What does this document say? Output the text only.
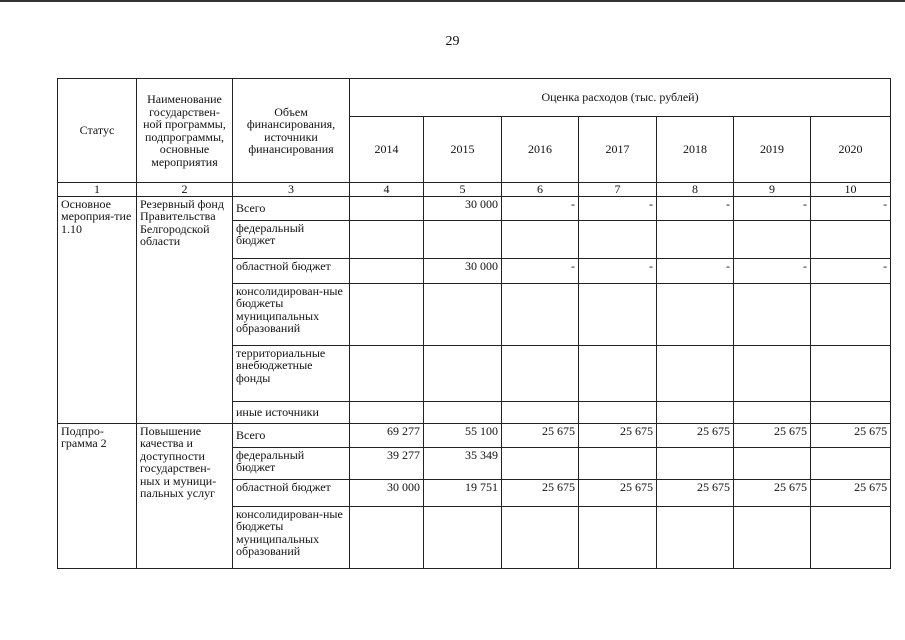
29
Статус	Наименование государствен-ной программы, подпрограммы, основные мероприятия	Объем финансирования, источники финансирования	Оценка расходов (тыс. рублей)						
			2014	2015	2016	2017	2018	2019	2020
1	2	3	4	5	6	7	8	9	10
Основное мероприя-тие 1.10	Резервный фонд Правительства Белгородской области	Всего		30 000	-	-	-	-	-
		федеральный бюджет							
		областной бюджет		30 000	-	-	-	-	-
		консолидирован-ные бюджеты муниципальных образований							
		территориальные внебюджетные фонды							
		иные источники							
Подпро-грамма 2	Повышение качества и доступности государствен-ных и муници-пальных услуг	Всего	69 277	55 100	25 675	25 675	25 675	25 675	25 675
		федеральный бюджет	39 277	35 349					
		областной бюджет	30 000	19 751	25 675	25 675	25 675	25 675	25 675
		консолидирован-ные бюджеты муниципальных образований							
